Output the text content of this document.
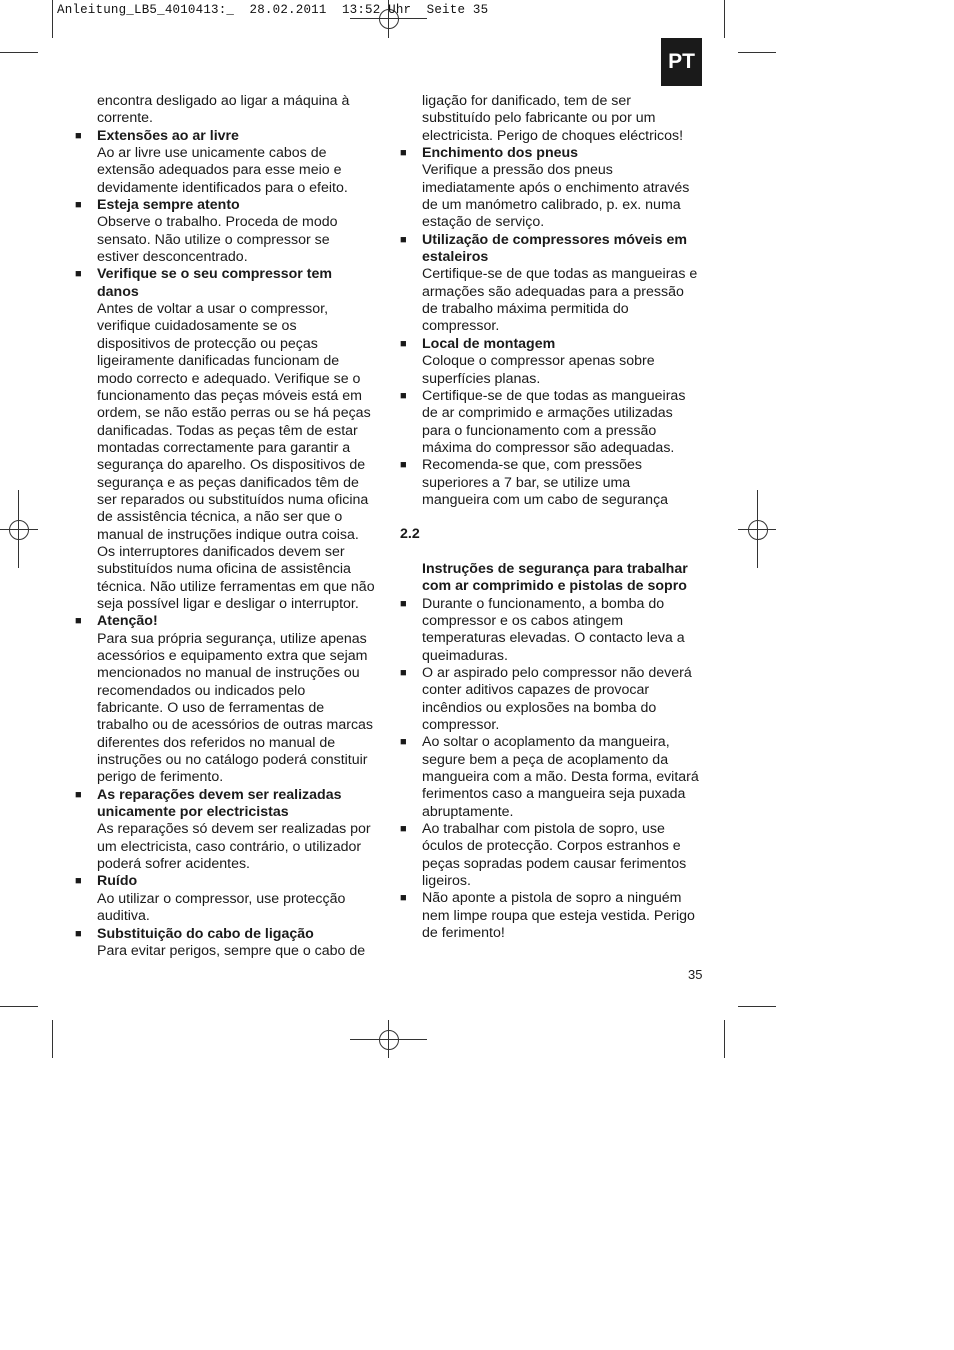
Anleitung_LB5_4010413:_  28.02.2011  13:52 Uhr  Seite 35
PT
encontra desligado ao ligar a máquina à
corrente.
■ Extensões ao ar livre
Ao ar livre use unicamente cabos de
extensão adequados para esse meio e
devidamente identificados para o efeito.
■ Esteja sempre atento
Observe o trabalho. Proceda de modo
sensato. Não utilize o compressor se
estiver desconcentrado.
■ Verifique se o seu compressor tem
danos
Antes de voltar a usar o compressor,
verifique cuidadosamente se os
dispositivos de protecção ou peças
ligeiramente danificadas funcionam de
modo correcto e adequado. Verifique se o
funcionamento das peças móveis está em
ordem, se não estão perras ou se há peças
danificadas. Todas as peças têm de estar
montadas correctamente para garantir a
segurança do aparelho. Os dispositivos de
segurança e as peças danificados têm de
ser reparados ou substituídos numa oficina
de assistência técnica, a não ser que o
manual de instruções indique outra coisa.
Os interruptores danificados devem ser
substituídos numa oficina de assistência
técnica. Não utilize ferramentas em que não
seja possível ligar e desligar o interruptor.
■ Atenção!
Para sua própria segurança, utilize apenas
acessórios e equipamento extra que sejam
mencionados no manual de instruções ou
recomendados ou indicados pelo
fabricante. O uso de ferramentas de
trabalho ou de acessórios de outras marcas
diferentes dos referidos no manual de
instruções ou no catálogo poderá constituir
perigo de ferimento.
■ As reparações devem ser realizadas
unicamente por electricistas
As reparações só devem ser realizadas por
um electricista, caso contrário, o utilizador
poderá sofrer acidentes.
■ Ruído
Ao utilizar o compressor, use protecção
auditiva.
■ Substituição do cabo de ligação
Para evitar perigos, sempre que o cabo de
ligação for danificado, tem de ser
substituído pelo fabricante ou por um
electricista. Perigo de choques eléctricos!
■ Enchimento dos pneus
Verifique a pressão dos pneus
imediatamente após o enchimento através
de um manómetro calibrado, p. ex. numa
estação de serviço.
■ Utilização de compressores móveis em
estaleiros
Certifique-se de que todas as mangueiras e
armações são adequadas para a pressão
de trabalho máxima permitida do
compressor.
■ Local de montagem
Coloque o compressor apenas sobre
superfícies planas.
■ Certifique-se de que todas as mangueiras
de ar comprimido e armações utilizadas
para o funcionamento com a pressão
máxima do compressor são adequadas.
■ Recomenda-se que, com pressões
superiores a 7 bar, se utilize uma
mangueira com um cabo de segurança

2.2

Instruções de segurança para trabalhar
com ar comprimido e pistolas de sopro

■ Durante o funcionamento, a bomba do
compressor e os cabos atingem
temperaturas elevadas. O contacto leva a
queimaduras.
■ O ar aspirado pelo compressor não deverá
conter aditivos capazes de provocar
incêndios ou explosões na bomba do
compressor.
■ Ao soltar o acoplamento da mangueira,
segure bem a peça de acoplamento da
mangueira com a mão. Desta forma, evitará
ferimentos caso a mangueira seja puxada
abruptamente.
■ Ao trabalhar com pistola de sopro, use
óculos de protecção. Corpos estranhos e
peças sopradas podem causar ferimentos
ligeiros.
■ Não aponte a pistola de sopro a ninguém
nem limpe roupa que esteja vestida. Perigo
de ferimento!
35
